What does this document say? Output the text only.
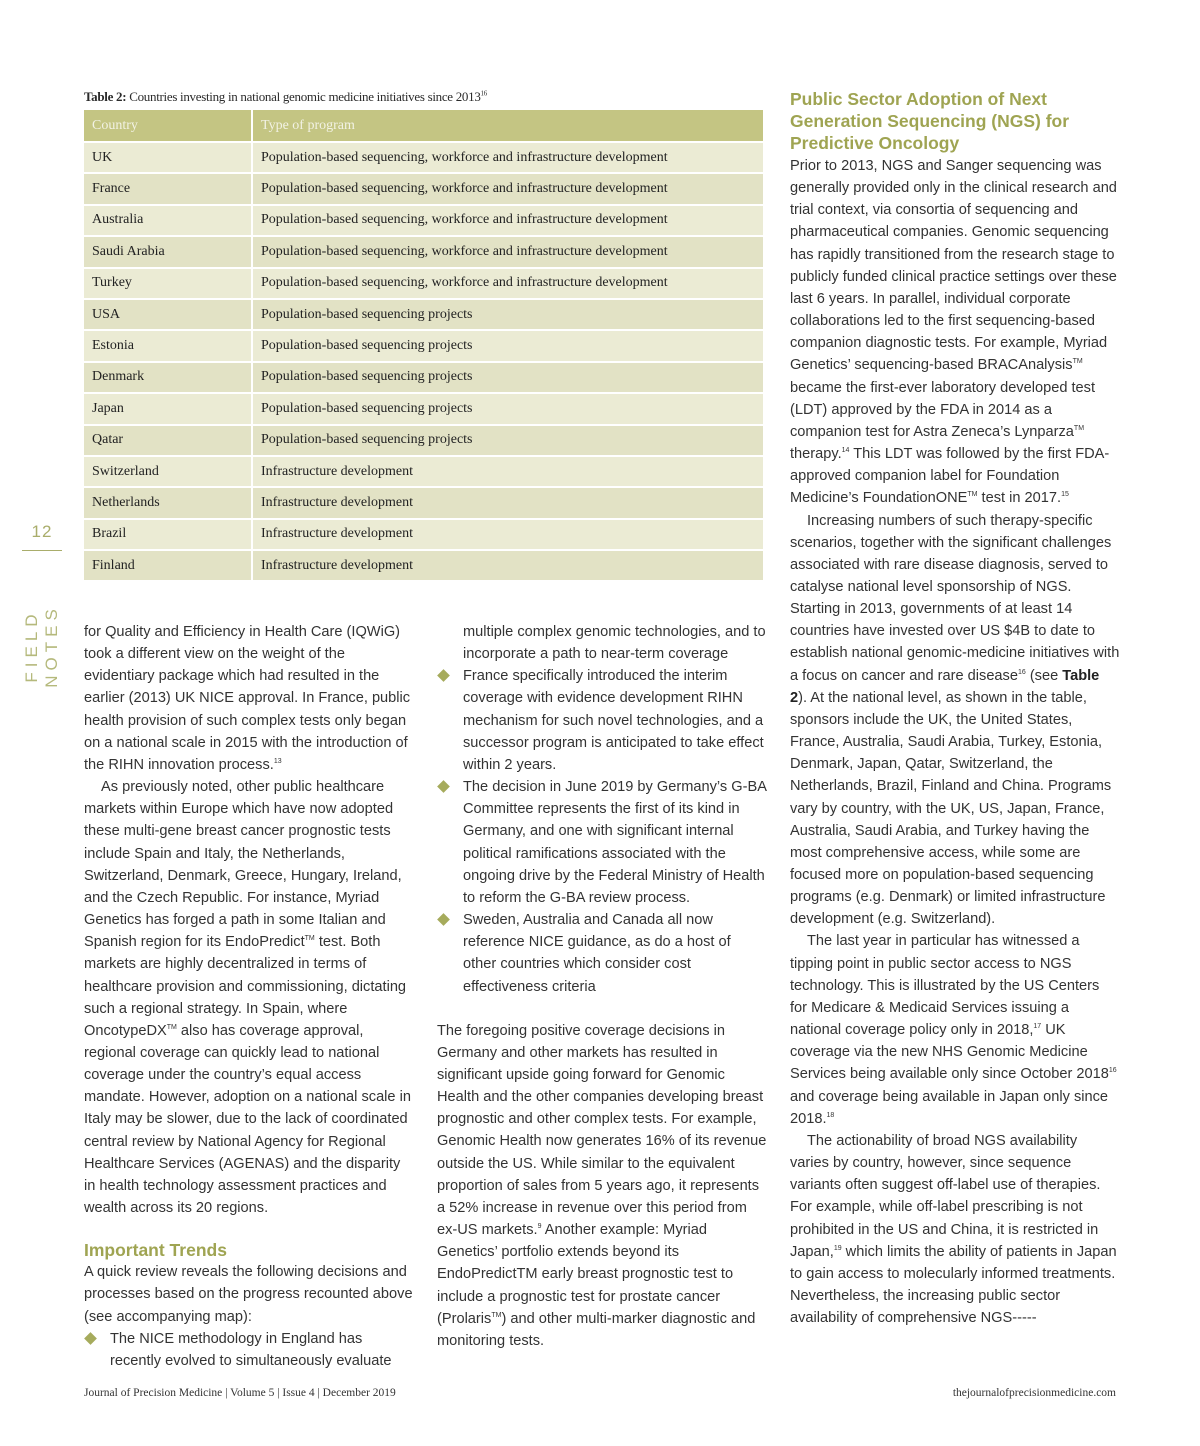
12
FIELD NOTES
Table 2: Countries investing in national genomic medicine initiatives since 2013$^{16}$
Country	Type of program
UK	Population-based sequencing, workforce and infrastructure development
France	Population-based sequencing, workforce and infrastructure development
Australia	Population-based sequencing, workforce and infrastructure development
Saudi Arabia	Population-based sequencing, workforce and infrastructure development
Turkey	Population-based sequencing, workforce and infrastructure development
USA	Population-based sequencing projects
Estonia	Population-based sequencing projects
Denmark	Population-based sequencing projects
Japan	Population-based sequencing projects
Qatar	Population-based sequencing projects
Switzerland	Infrastructure development
Netherlands	Infrastructure development
Brazil	Infrastructure development
Finland	Infrastructure development

for Quality and Efficiency in Health Care (IQWiG) took a different view on the weight of the evidentiary package which had resulted in the earlier (2013) UK NICE approval. In France, public health provision of such complex tests only began on a national scale in 2015 with the introduction of the RIHN innovation process.$^{13}$

As previously noted, other public healthcare markets within Europe which have now adopted these multi-gene breast cancer prognostic tests include Spain and Italy, the Netherlands, Switzerland, Denmark, Greece, Hungary, Ireland, and the Czech Republic. For instance, Myriad Genetics has forged a path in some Italian and Spanish region for its EndoPredict™ test. Both markets are highly decentralized in terms of healthcare provision and commissioning, dictating such a regional strategy. In Spain, where OncotypeDX™ also has coverage approval, regional coverage can quickly lead to national coverage under the country’s equal access mandate. However, adoption on a national scale in Italy may be slower, due to the lack of coordinated central review by National Agency for Regional Healthcare Services (AGENAS) and the disparity in health technology assessment practices and wealth across its 20 regions.

Important Trends

A quick review reveals the following decisions and processes based on the progress recounted above (see accompanying map):

The NICE methodology in England has recently evolved to simultaneously evaluate
multiple complex genomic technologies, and to incorporate a path to near-term coverage
France specifically introduced the interim coverage with evidence development RIHN mechanism for such novel technologies, and a successor program is anticipated to take effect within 2 years.
The decision in June 2019 by Germany’s G-BA Committee represents the first of its kind in Germany, and one with significant internal political ramifications associated with the ongoing drive by the Federal Ministry of Health to reform the G-BA review process.
Sweden, Australia and Canada all now reference NICE guidance, as do a host of other countries which consider cost effectiveness criteria

The foregoing positive coverage decisions in Germany and other markets has resulted in significant upside going forward for Genomic Health and the other companies developing breast prognostic and other complex tests. For example, Genomic Health now generates 16% of its revenue outside the US. While similar to the equivalent proportion of sales from 5 years ago, it represents a 52% increase in revenue over this period from ex-US markets.$^9$ Another example: Myriad Genetics’ portfolio extends beyond its EndoPredictTM early breast prognostic test to include a prognostic test for prostate cancer (Prolaris™) and other multi-marker diagnostic and monitoring tests.

Public Sector Adoption of Next Generation Sequencing (NGS) for Predictive Oncology

Prior to 2013, NGS and Sanger sequencing was generally provided only in the clinical research and trial context, via consortia of sequencing and pharmaceutical companies. Genomic sequencing has rapidly transitioned from the research stage to publicly funded clinical practice settings over these last 6 years. In parallel, individual corporate collaborations led to the first sequencing-based companion diagnostic tests. For example, Myriad Genetics’ sequencing-based BRACAnalysis™ became the first-ever laboratory developed test (LDT) approved by the FDA in 2014 as a companion test for Astra Zeneca’s Lynparza™ therapy.$^{14}$ This LDT was followed by the first FDA-approved companion label for Foundation Medicine’s FoundationONE™ test in 2017.15

Increasing numbers of such therapy-specific scenarios, together with the significant challenges associated with rare disease diagnosis, served to catalyse national level sponsorship of NGS. Starting in 2013, governments of at least 14 countries have invested over US $4B to date to establish national genomic-medicine initiatives with a focus on cancer and rare disease$^{16}$ (see Table 2). At the national level, as shown in the table, sponsors include the UK, the United States, France, Australia, Saudi Arabia, Turkey, Estonia, Denmark, Japan, Qatar, Switzerland, the Netherlands, Brazil, Finland and China. Programs vary by country, with the UK, US, Japan, France, Australia, Saudi Arabia, and Turkey having the most comprehensive access, while some are focused more on population-based sequencing programs (e.g. Denmark) or limited infrastructure development (e.g. Switzerland).

The last year in particular has witnessed a tipping point in public sector access to NGS technology. This is illustrated by the US Centers for Medicare & Medicaid Services issuing a national coverage policy only in 2018,17 UK coverage via the new NHS Genomic Medicine Services being available only since October 2018$^{16}$ and coverage being available in Japan only since 2018.18

The actionability of broad NGS availability varies by country, however, since sequence variants often suggest off-label use of therapies. For example, while off-label prescribing is not prohibited in the US and China, it is restricted in Japan,$^{19}$ which limits the ability of patients in Japan to gain access to molecularly informed treatments. Nevertheless, the increasing public sector availability of comprehensive NGS-----

Journal of Precision Medicine | Volume 5 | Issue 4 | December 2019	thejournalofprecisionmedicine.com
